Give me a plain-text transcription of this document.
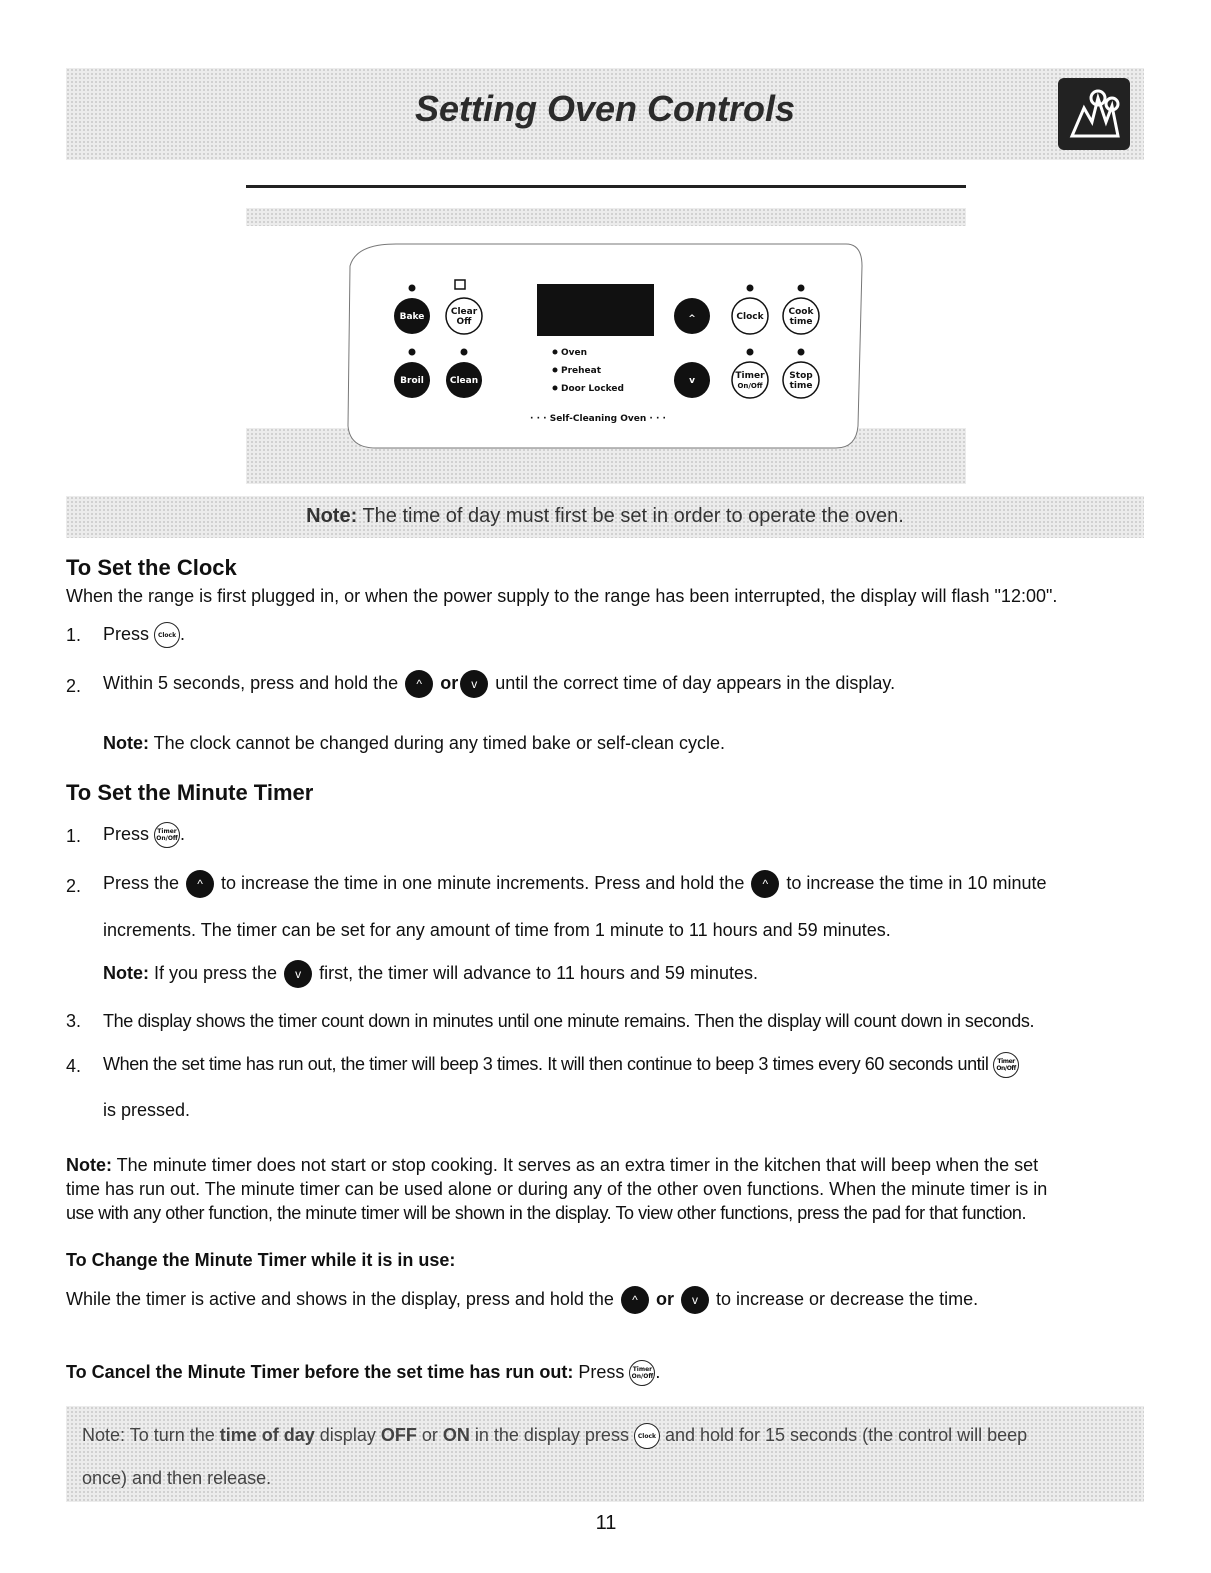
Setting Oven Controls
Bake	Clear
Off
Broil	Clean
Oven
Preheat
Door Locked
· · · Self-Cleaning Oven · · ·
^
v
Clock	Cook
time
Timer
On/Off
Stop
time
Note: The time of day must first be set in order to operate the oven.
To Set the Clock
When the range is first plugged in, or when the power supply to the range has been interrupted, the display will flash "12:00".
1. Press Clock .
2. Within 5 seconds, press and hold the ^ or v until the correct time of day appears in the display.
Note: The clock cannot be changed during any timed bake or self-clean cycle.
To Set the Minute Timer
1. Press Timer
On/Off .
2. Press the ^ to increase the time in one minute increments. Press and hold the ^ to increase the time in 10 minute
increments. The timer can be set for any amount of time from 1 minute to 11 hours and 59 minutes.
Note: If you press the v first, the timer will advance to 11 hours and 59 minutes.
3. The display shows the timer count down in minutes until one minute remains. Then the display will count down in seconds.
4. When the set time has run out, the timer will beep 3 times. It will then continue to beep 3 times every 60 seconds until Timer
On/Off
is pressed.
Note: The minute timer does not start or stop cooking. It serves as an extra timer in the kitchen that will beep when the set
time has run out. The minute timer can be used alone or during any of the other oven functions. When the minute timer is in
use with any other function, the minute timer will be shown in the display. To view other functions, press the pad for that function.
To Change the Minute Timer while it is in use:
While the timer is active and shows in the display, press and hold the ^ or v to increase or decrease the time.
To Cancel the Minute Timer before the set time has run out: Press Timer
On/Off .
Note: To turn the time of day display OFF or ON in the display press Clock and hold for 15 seconds (the control will beep
once) and then release.
11
